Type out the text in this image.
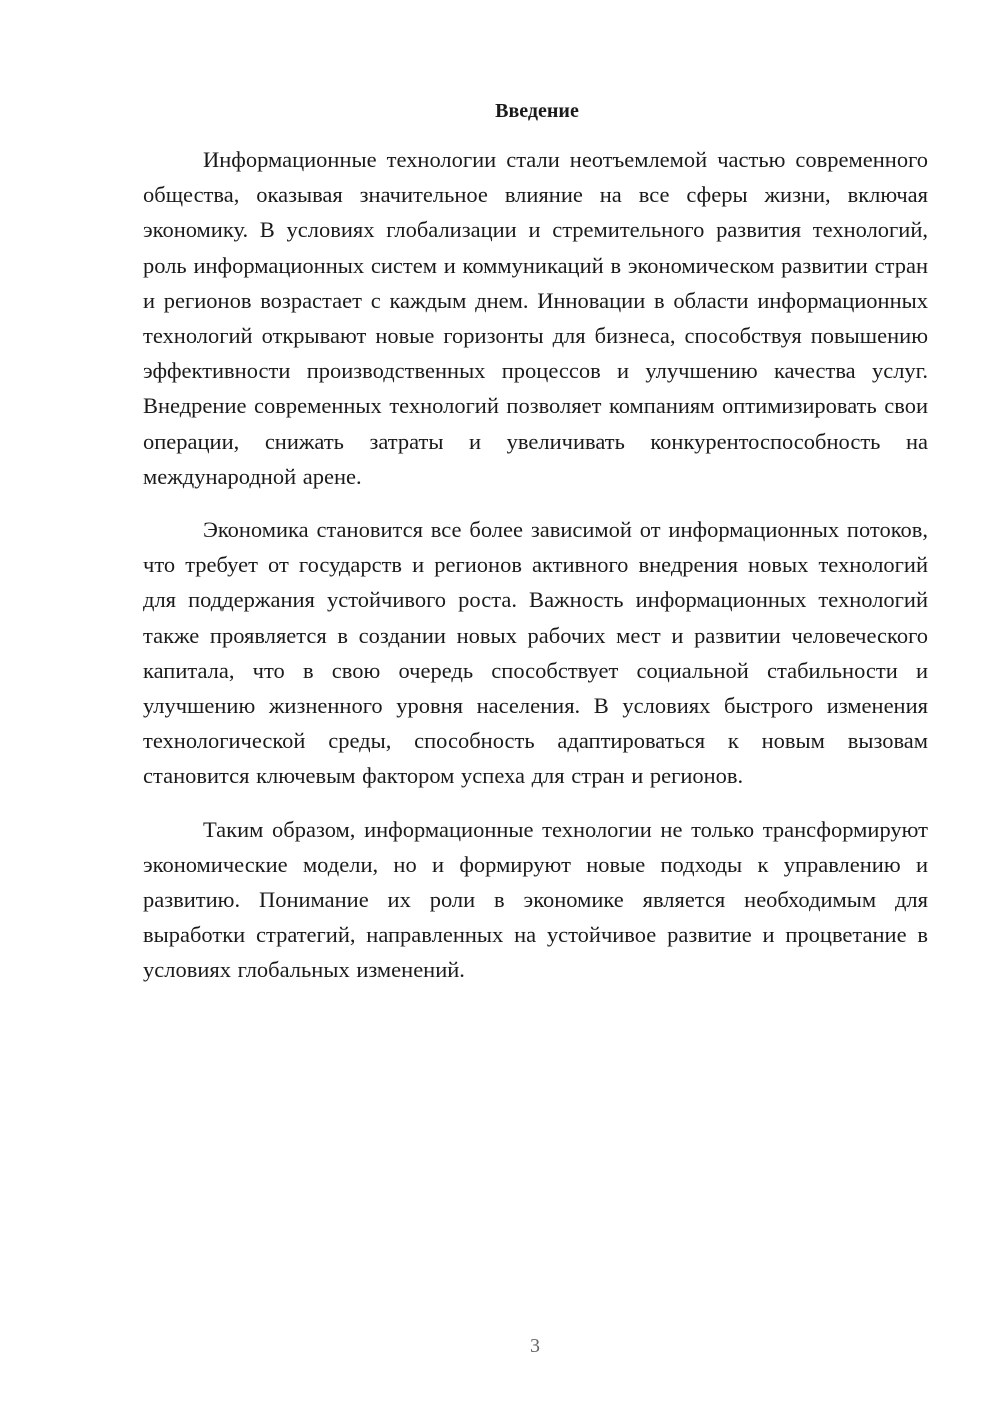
Введение

Информационные технологии стали неотъемлемой частью современного общества, оказывая значительное влияние на все сферы жизни, включая экономику. В условиях глобализации и стремительного развития технологий, роль информационных систем и коммуникаций в экономическом развитии стран и регионов возрастает с каждым днем. Инновации в области информационных технологий открывают новые горизонты для бизнеса, способствуя повышению эффективности производственных процессов и улучшению качества услуг. Внедрение современных технологий позволяет компаниям оптимизировать свои операции, снижать затраты и увеличивать конкурентоспособность на международной арене.

Экономика становится все более зависимой от информационных потоков, что требует от государств и регионов активного внедрения новых технологий для поддержания устойчивого роста. Важность информационных технологий также проявляется в создании новых рабочих мест и развитии человеческого капитала, что в свою очередь способствует социальной стабильности и улучшению жизненного уровня населения. В условиях быстрого изменения технологической среды, способность адаптироваться к новым вызовам становится ключевым фактором успеха для стран и регионов.

Таким образом, информационные технологии не только трансформируют экономические модели, но и формируют новые подходы к управлению и развитию. Понимание их роли в экономике является необходимым для выработки стратегий, направленных на устойчивое развитие и процветание в условиях глобальных изменений.

3
